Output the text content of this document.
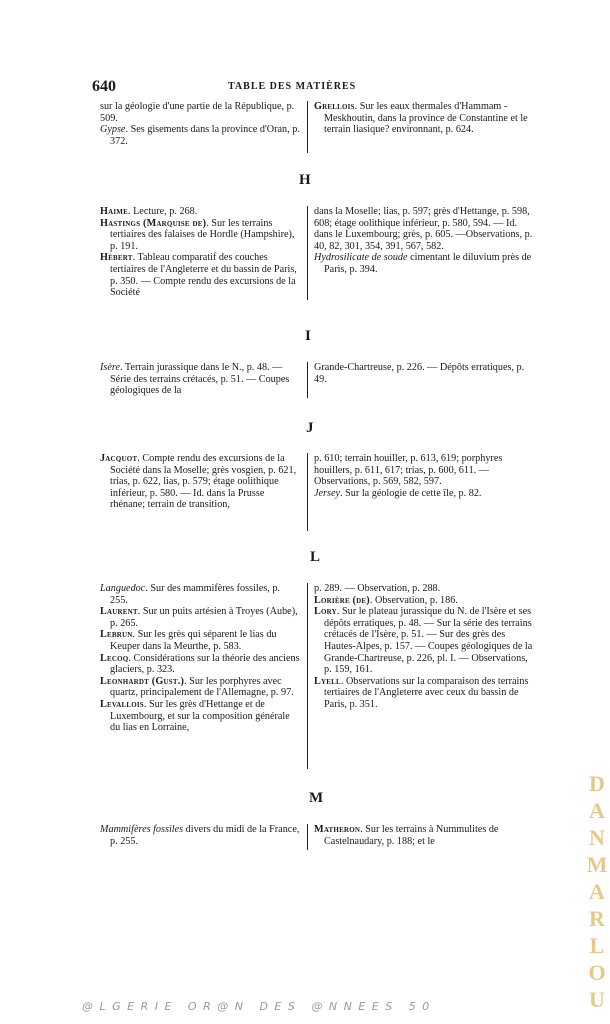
640	TABLE DES MATIÈRES

sur la géologie d'une partie de la République, p. 509.

Gypse. Ses gisements dans la province d'Oran, p. 372.

Grellois. Sur les eaux thermales d'Hammam - Meskhoutin, dans la province de Constantine et le terrain liasique? environnant, p. 624.

H

Haime. Lecture, p. 268.

Hastings (Marquise de). Sur les terrains tertiaires des falaises de Hordle (Hampshire), p. 191.

Hébert. Tableau comparatif des couches tertiaires de l'Angleterre et du bassin de Paris, p. 350. — Compte rendu des excursions de la Société

dans la Moselle; lias, p. 597; grès d'Hettange, p. 598, 608; étage oolithique inférieur, p. 580, 594. — Id. dans le Luxembourg; grès, p. 605. —Observations, p. 40, 82, 301, 354, 391, 567, 582.

Hydrosilicate de soude cimentant le diluvium près de Paris, p. 394.

I

Isère. Terrain jurassique dans le N., p. 48. — Série des terrains crétacés, p. 51. — Coupes géologiques de la

Grande-Chartreuse, p. 226. — Dépôts erratiques, p. 49.

J

Jacquot. Compte rendu des excursions de la Société dans la Moselle; grès vosgien, p. 621, trias, p. 622, lias, p. 579; étage oolithique inférieur, p. 580. — Id. dans la Prusse rhénane; terrain de transition,

p. 610; terrain houiller, p. 613, 619; porphyres houillers, p. 611, 617; trias, p. 600, 611. — Observations, p. 569, 582, 597.

Jersey. Sur la géologie de cette île, p. 82.

L

Languedoc. Sur des mammifères fossiles, p. 255.

Laurent. Sur un puits artésien à Troyes (Aube), p. 265.

Lebrun. Sur les grès qui séparent le lias du Keuper dans la Meurthe, p. 583.

Lecoq. Considérations sur la théorie des anciens glaciers, p. 323.

Leonhardt (Gust.). Sur les porphyres avec quartz, principalement de l'Allemagne, p. 97.

Levallois. Sur les grès d'Hettange et de Luxembourg, et sur la composition générale du lias en Lorraine,

p. 289. — Observation, p. 288.

Lorière (de). Observation, p. 186.

Lory. Sur le plateau jurassique du N. de l'Isère et ses dépôts erratiques, p. 48. — Sur la série des terrains crétacés de l'Isère, p. 51. — Sur des grès des Hautes-Alpes, p. 157. — Coupes géologiques de la Grande-Chartreuse, p. 226, pl. I. — Observations, p. 159, 161.

Lyell. Observations sur la comparaison des terrains tertiaires de l'Angleterre avec ceux du bassin de Paris, p. 351.

M

Mammifères fossiles divers du midi de la France, p. 255.

Matheron. Sur les terrains à Nummulites de Castelnaudary, p. 188; et le

D
A
N
M
A
R
L
O
U
@LGERIE OR@N DES @NNEES 50
